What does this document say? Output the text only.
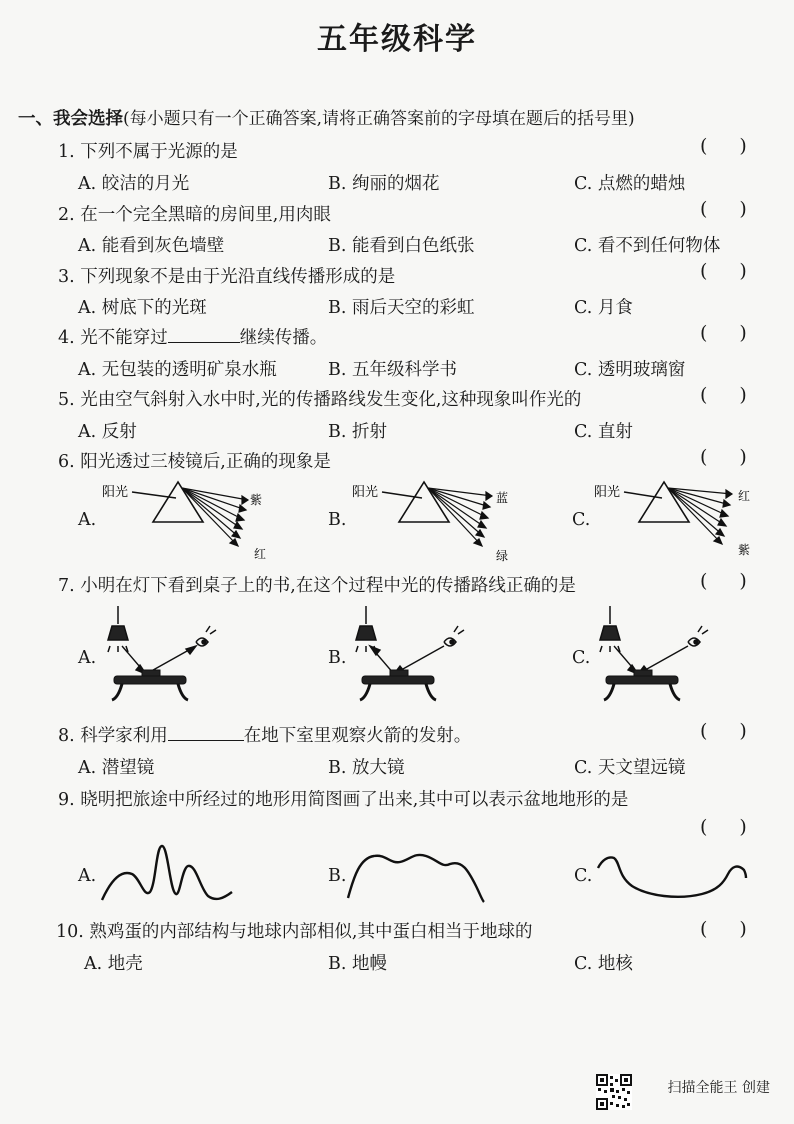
五年级科学
一、我会选择(每小题只有一个正确答案,请将正确答案前的字母填在题后的括号里)
1. 下列不属于光源的是	( )
A. 皎洁的月光	B. 绚丽的烟花	C. 点燃的蜡烛
2. 在一个完全黑暗的房间里,用肉眼	( )
A. 能看到灰色墙壁	B. 能看到白色纸张	C. 看不到任何物体
3. 下列现象不是由于光沿直线传播形成的是	( )
A. 树底下的光斑	B. 雨后天空的彩虹	C. 月食
4. 光不能穿过	继续传播。	( )
A. 无包装的透明矿泉水瓶	B. 五年级科学书	C. 透明玻璃窗
5. 光由空气斜射入水中时,光的传播路线发生变化,这种现象叫作光的	( )
A. 反射	B. 折射	C. 直射
6. 阳光透过三棱镜后,正确的现象是	( )
A.	B.	C.
阳光	紫
红
阳光	蓝
绿
阳光	红
紫
7. 小明在灯下看到桌子上的书,在这个过程中光的传播路线正确的是	( )
A.	B.	C.
8. 科学家利用	在地下室里观察火箭的发射。	( )
A. 潜望镜	B. 放大镜	C. 天文望远镜
9. 晓明把旅途中所经过的地形用简图画了出来,其中可以表示盆地地形的是
( )
A.	B.	C.
10. 熟鸡蛋的内部结构与地球内部相似,其中蛋白相当于地球的	( )
A. 地壳	B. 地幔	C. 地核
扫描全能王 创建
